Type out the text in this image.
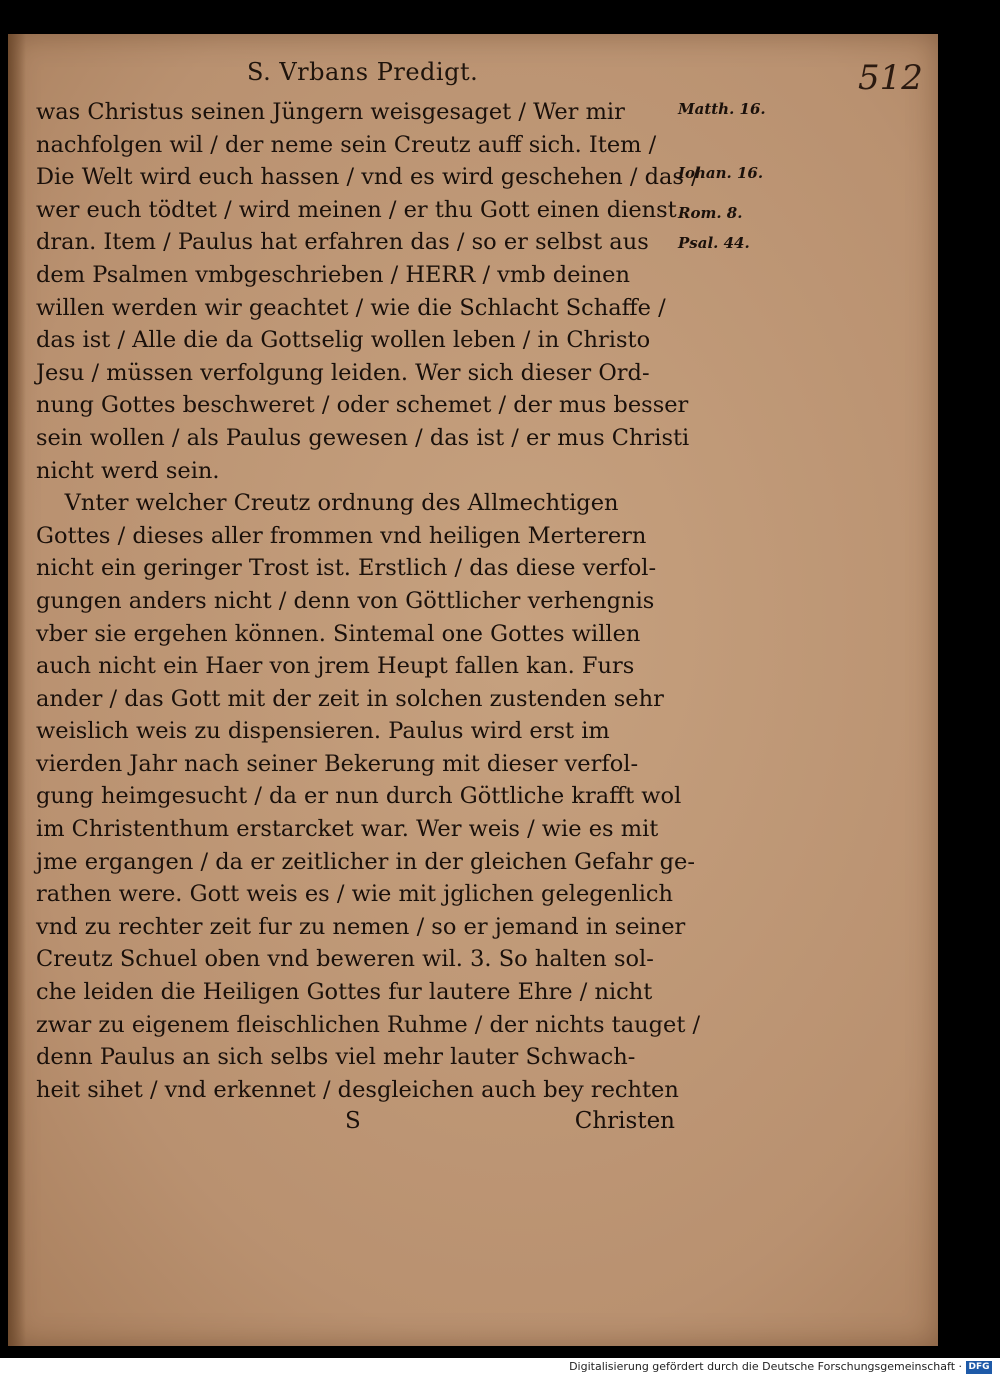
S. Vrbans Predigt.	512
was Christus seinen Jüngern weisgesaget / Wer mir
nachfolgen wil / der neme sein Creutz auff sich. Item /
Die Welt wird euch hassen / vnd es wird geschehen / das /
wer euch tödtet / wird meinen / er thu Gott einen dienst
dran. Item / Paulus hat erfahren das / so er selbst aus
dem Psalmen vmbgeschrieben / HERR / vmb deinen
willen werden wir geachtet / wie die Schlacht Schaffe /
das ist / Alle die da Gottselig wollen leben / in Christo
Jesu / müssen verfolgung leiden. Wer sich dieser Ord-
nung Gottes beschweret / oder schemet / der mus besser
sein wollen / als Paulus gewesen / das ist / er mus Christi
nicht werd sein.
Vnter welcher Creutz ordnung des Allmechtigen
Gottes / dieses aller frommen vnd heiligen Merterern
nicht ein geringer Trost ist. Erstlich / das diese verfol-
gungen anders nicht / denn von Göttlicher verhengnis
vber sie ergehen können. Sintemal one Gottes willen
auch nicht ein Haer von jrem Heupt fallen kan. Furs
ander / das Gott mit der zeit in solchen zustenden sehr
weislich weis zu dispensieren. Paulus wird erst im
vierden Jahr nach seiner Bekerung mit dieser verfol-
gung heimgesucht / da er nun durch Göttliche krafft wol
im Christenthum erstarcket war. Wer weis / wie es mit
jme ergangen / da er zeitlicher in der gleichen Gefahr ge-
rathen were. Gott weis es / wie mit jglichen gelegenlich
vnd zu rechter zeit fur zu nemen / so er jemand in seiner
Creutz Schuel oben vnd beweren wil. 3. So halten sol-
che leiden die Heiligen Gottes fur lautere Ehre / nicht
zwar zu eigenem fleischlichen Ruhme / der nichts tauget /
denn Paulus an sich selbs viel mehr lauter Schwach-
heit sihet / vnd erkennet / desgleichen auch bey rechten
Matth. 16.
Iohan. 16.
Rom. 8.
Psal. 44.
S	Christen
Digitalisierung gefördert durch die Deutsche Forschungsgemeinschaft · DFG
